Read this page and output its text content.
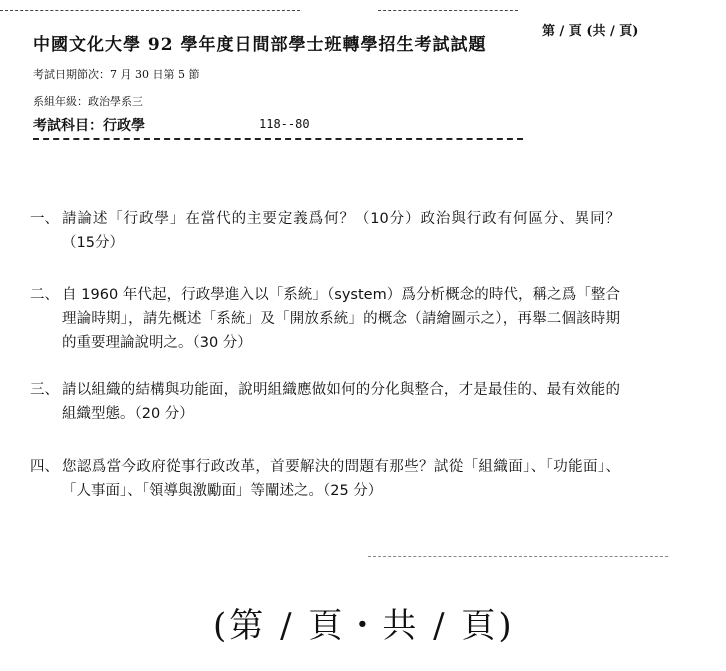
中國文化大學 92 學年度日間部學士班轉學招生考試試題
第 / 頁 (共 / 頁)
考試日期節次：7 月 30 日第 5 節
系組年級：政治學系三
考試科目：行政學	118--80
一、 請論述「行政學」在當代的主要定義爲何？（10分）政治與行政有何區分、異同？（15分）
二、 自 1960 年代起，行政學進入以「系統」（system）爲分析概念的時代，稱之爲「整合理論時期」，請先概述「系統」及「開放系統」的概念（請繪圖示之），再舉二個該時期的重要理論說明之。（30 分）
三、 請以組織的結構與功能面，說明組織應做如何的分化與整合，才是最佳的、最有效能的組織型態。（20 分）
四、 您認爲當今政府從事行政改革，首要解決的問題有那些？試從「組織面」、「功能面」、「人事面」、「領導與激勵面」等闡述之。（25 分）
(第 / 頁・共 / 頁)
